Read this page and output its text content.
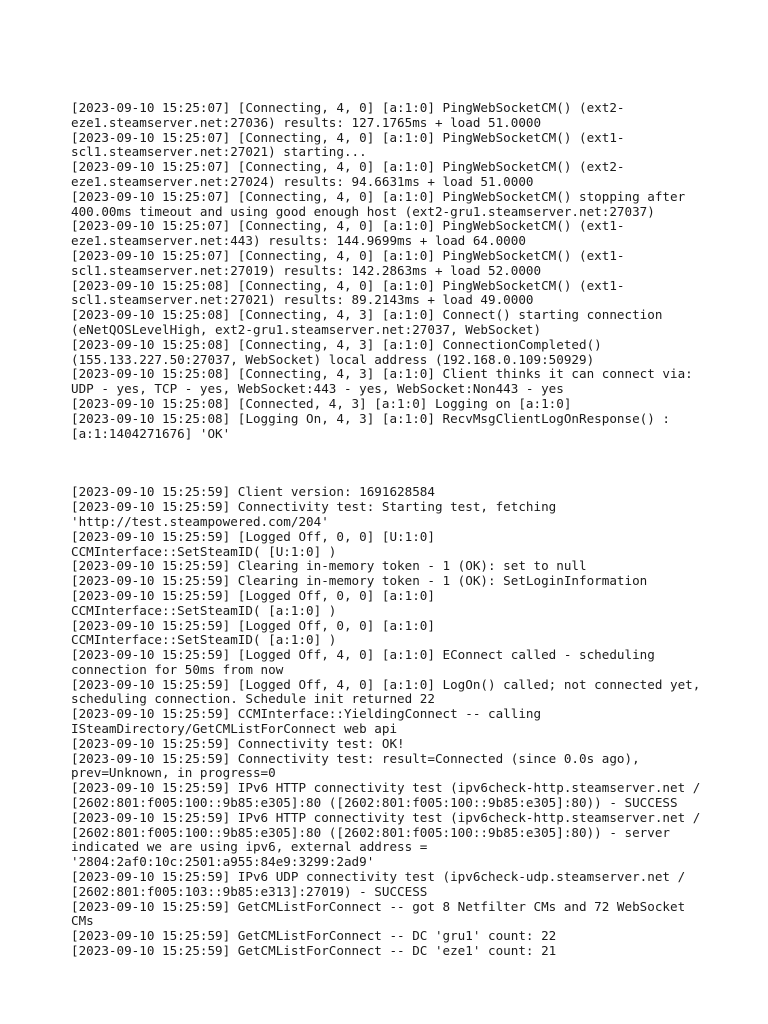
[2023-09-10 15:25:07] [Connecting, 4, 0] [a:1:0] PingWebSocketCM() (ext2-

eze1.steamserver.net:27036) results: 127.1765ms + load 51.0000

[2023-09-10 15:25:07] [Connecting, 4, 0] [a:1:0] PingWebSocketCM() (ext1-

scl1.steamserver.net:27021) starting...

[2023-09-10 15:25:07] [Connecting, 4, 0] [a:1:0] PingWebSocketCM() (ext2-

eze1.steamserver.net:27024) results: 94.6631ms + load 51.0000

[2023-09-10 15:25:07] [Connecting, 4, 0] [a:1:0] PingWebSocketCM() stopping after

400.00ms timeout and using good enough host (ext2-gru1.steamserver.net:27037)

[2023-09-10 15:25:07] [Connecting, 4, 0] [a:1:0] PingWebSocketCM() (ext1-

eze1.steamserver.net:443) results: 144.9699ms + load 64.0000

[2023-09-10 15:25:07] [Connecting, 4, 0] [a:1:0] PingWebSocketCM() (ext1-

scl1.steamserver.net:27019) results: 142.2863ms + load 52.0000

[2023-09-10 15:25:08] [Connecting, 4, 0] [a:1:0] PingWebSocketCM() (ext1-

scl1.steamserver.net:27021) results: 89.2143ms + load 49.0000

[2023-09-10 15:25:08] [Connecting, 4, 3] [a:1:0] Connect() starting connection

(eNetQOSLevelHigh, ext2-gru1.steamserver.net:27037, WebSocket)

[2023-09-10 15:25:08] [Connecting, 4, 3] [a:1:0] ConnectionCompleted()

(155.133.227.50:27037, WebSocket) local address (192.168.0.109:50929)

[2023-09-10 15:25:08] [Connecting, 4, 3] [a:1:0] Client thinks it can connect via:

UDP - yes, TCP - yes, WebSocket:443 - yes, WebSocket:Non443 - yes

[2023-09-10 15:25:08] [Connected, 4, 3] [a:1:0] Logging on [a:1:0]

[2023-09-10 15:25:08] [Logging On, 4, 3] [a:1:0] RecvMsgClientLogOnResponse() :

[a:1:1404271676] 'OK'

[2023-09-10 15:25:59] Client version: 1691628584

[2023-09-10 15:25:59] Connectivity test: Starting test, fetching

'http://test.steampowered.com/204'

[2023-09-10 15:25:59] [Logged Off, 0, 0] [U:1:0]

CCMInterface::SetSteamID( [U:1:0] )

[2023-09-10 15:25:59] Clearing in-memory token - 1 (OK): set to null

[2023-09-10 15:25:59] Clearing in-memory token - 1 (OK): SetLoginInformation

[2023-09-10 15:25:59] [Logged Off, 0, 0] [a:1:0]

CCMInterface::SetSteamID( [a:1:0] )

[2023-09-10 15:25:59] [Logged Off, 0, 0] [a:1:0]

CCMInterface::SetSteamID( [a:1:0] )

[2023-09-10 15:25:59] [Logged Off, 4, 0] [a:1:0] EConnect called - scheduling

connection for 50ms from now

[2023-09-10 15:25:59] [Logged Off, 4, 0] [a:1:0] LogOn() called; not connected yet,

scheduling connection. Schedule init returned 22

[2023-09-10 15:25:59] CCMInterface::YieldingConnect -- calling

ISteamDirectory/GetCMListForConnect web api

[2023-09-10 15:25:59] Connectivity test: OK!

[2023-09-10 15:25:59] Connectivity test: result=Connected (since 0.0s ago),

prev=Unknown, in progress=0

[2023-09-10 15:25:59] IPv6 HTTP connectivity test (ipv6check-http.steamserver.net /

[2602:801:f005:100::9b85:e305]:80 ([2602:801:f005:100::9b85:e305]:80)) - SUCCESS

[2023-09-10 15:25:59] IPv6 HTTP connectivity test (ipv6check-http.steamserver.net /

[2602:801:f005:100::9b85:e305]:80 ([2602:801:f005:100::9b85:e305]:80)) - server

indicated we are using ipv6, external address =

'2804:2af0:10c:2501:a955:84e9:3299:2ad9'

[2023-09-10 15:25:59] IPv6 UDP connectivity test (ipv6check-udp.steamserver.net /

[2602:801:f005:103::9b85:e313]:27019) - SUCCESS

[2023-09-10 15:25:59] GetCMListForConnect -- got 8 Netfilter CMs and 72 WebSocket

CMs

[2023-09-10 15:25:59] GetCMListForConnect -- DC 'gru1' count: 22

[2023-09-10 15:25:59] GetCMListForConnect -- DC 'eze1' count: 21
